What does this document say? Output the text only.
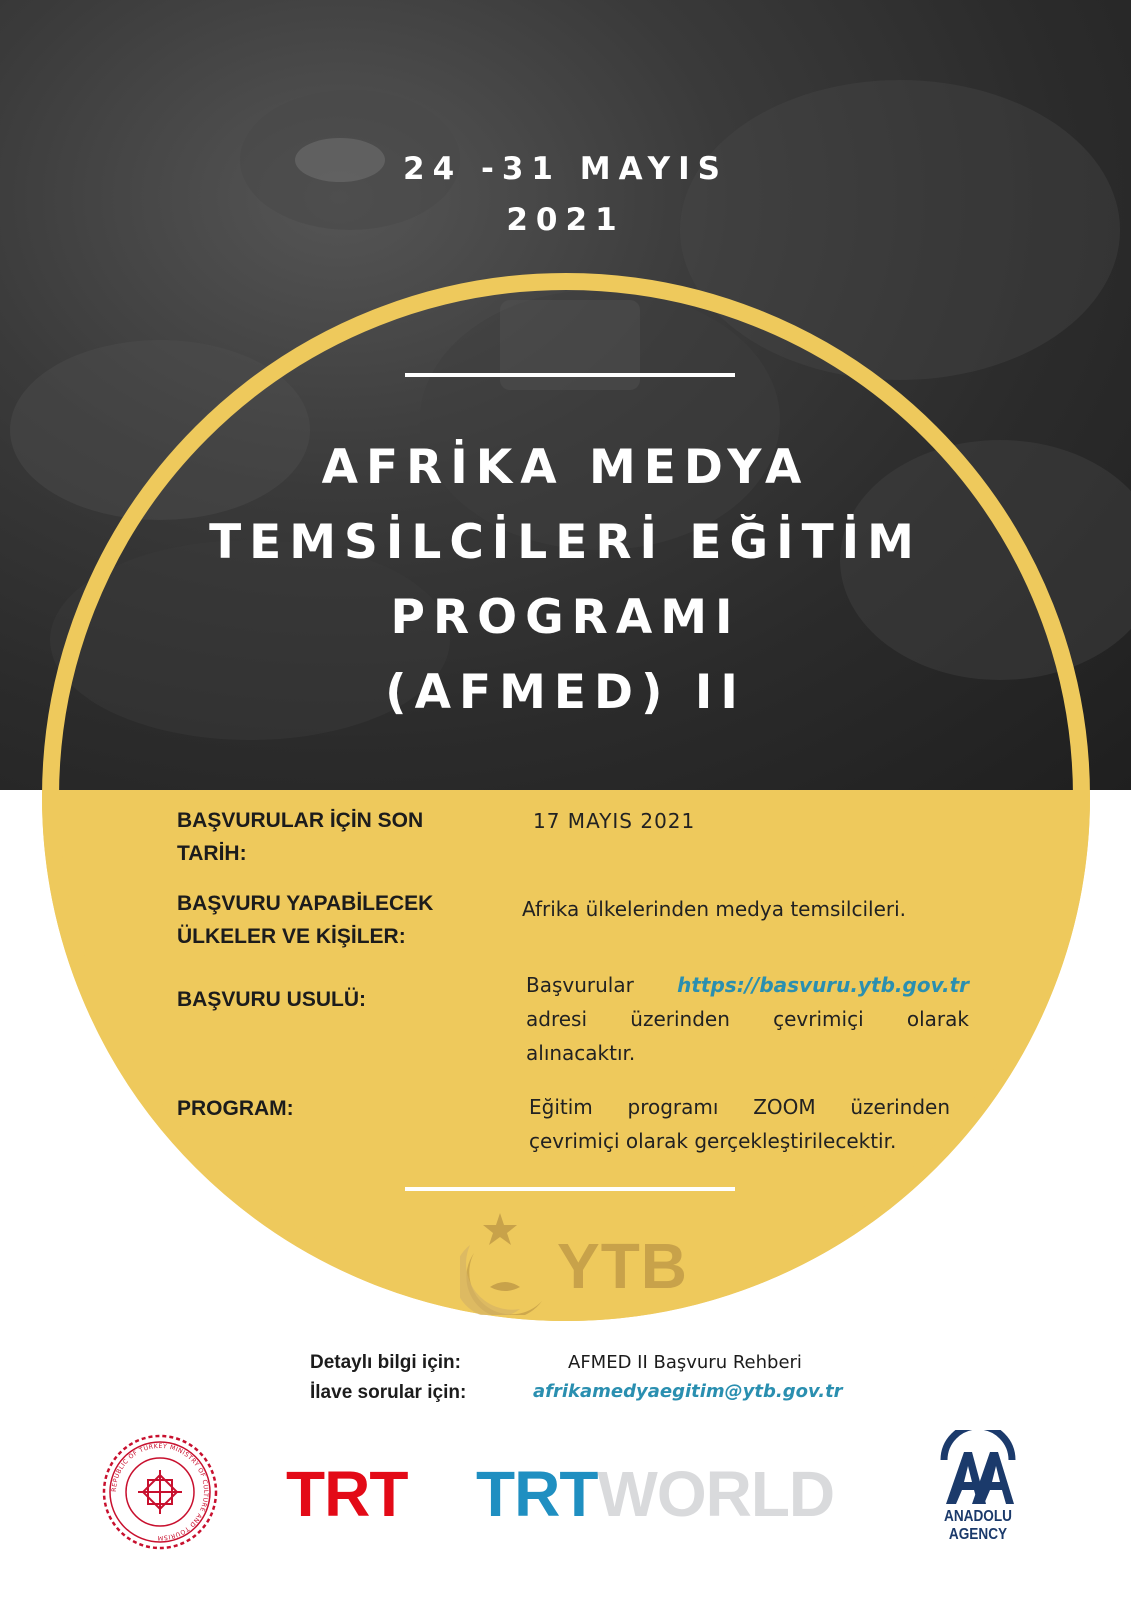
24 -31 MAYIS
2021
AFRİKA MEDYA
TEMSİLCİLERİ EĞİTİM
PROGRAMI
(AFMED) II
BAŞVURULAR İÇİN SON TARİH:
17 MAYIS 2021
BAŞVURU YAPABİLECEK ÜLKELER VE KİŞİLER:
Afrika ülkelerinden medya temsilcileri.
BAŞVURU USULÜ:
Başvurular https://basvuru.ytb.gov.tr
adresi üzerinden çevrimiçi olarak
alınacaktır.
PROGRAM:	Eğitim programı ZOOM üzerinden
çevrimiçi olarak gerçekleştirilecektir.
YTB
Detaylı bilgi için:	AFMED II Başvuru Rehberi
İlave sorular için:	afrikamedyaegitim@ytb.gov.tr
REPUBLIC OF TURKEY MINISTRY OF CULTURE AND TOURISM
TRT TRTWORLD	ANADOLU AGENCY
